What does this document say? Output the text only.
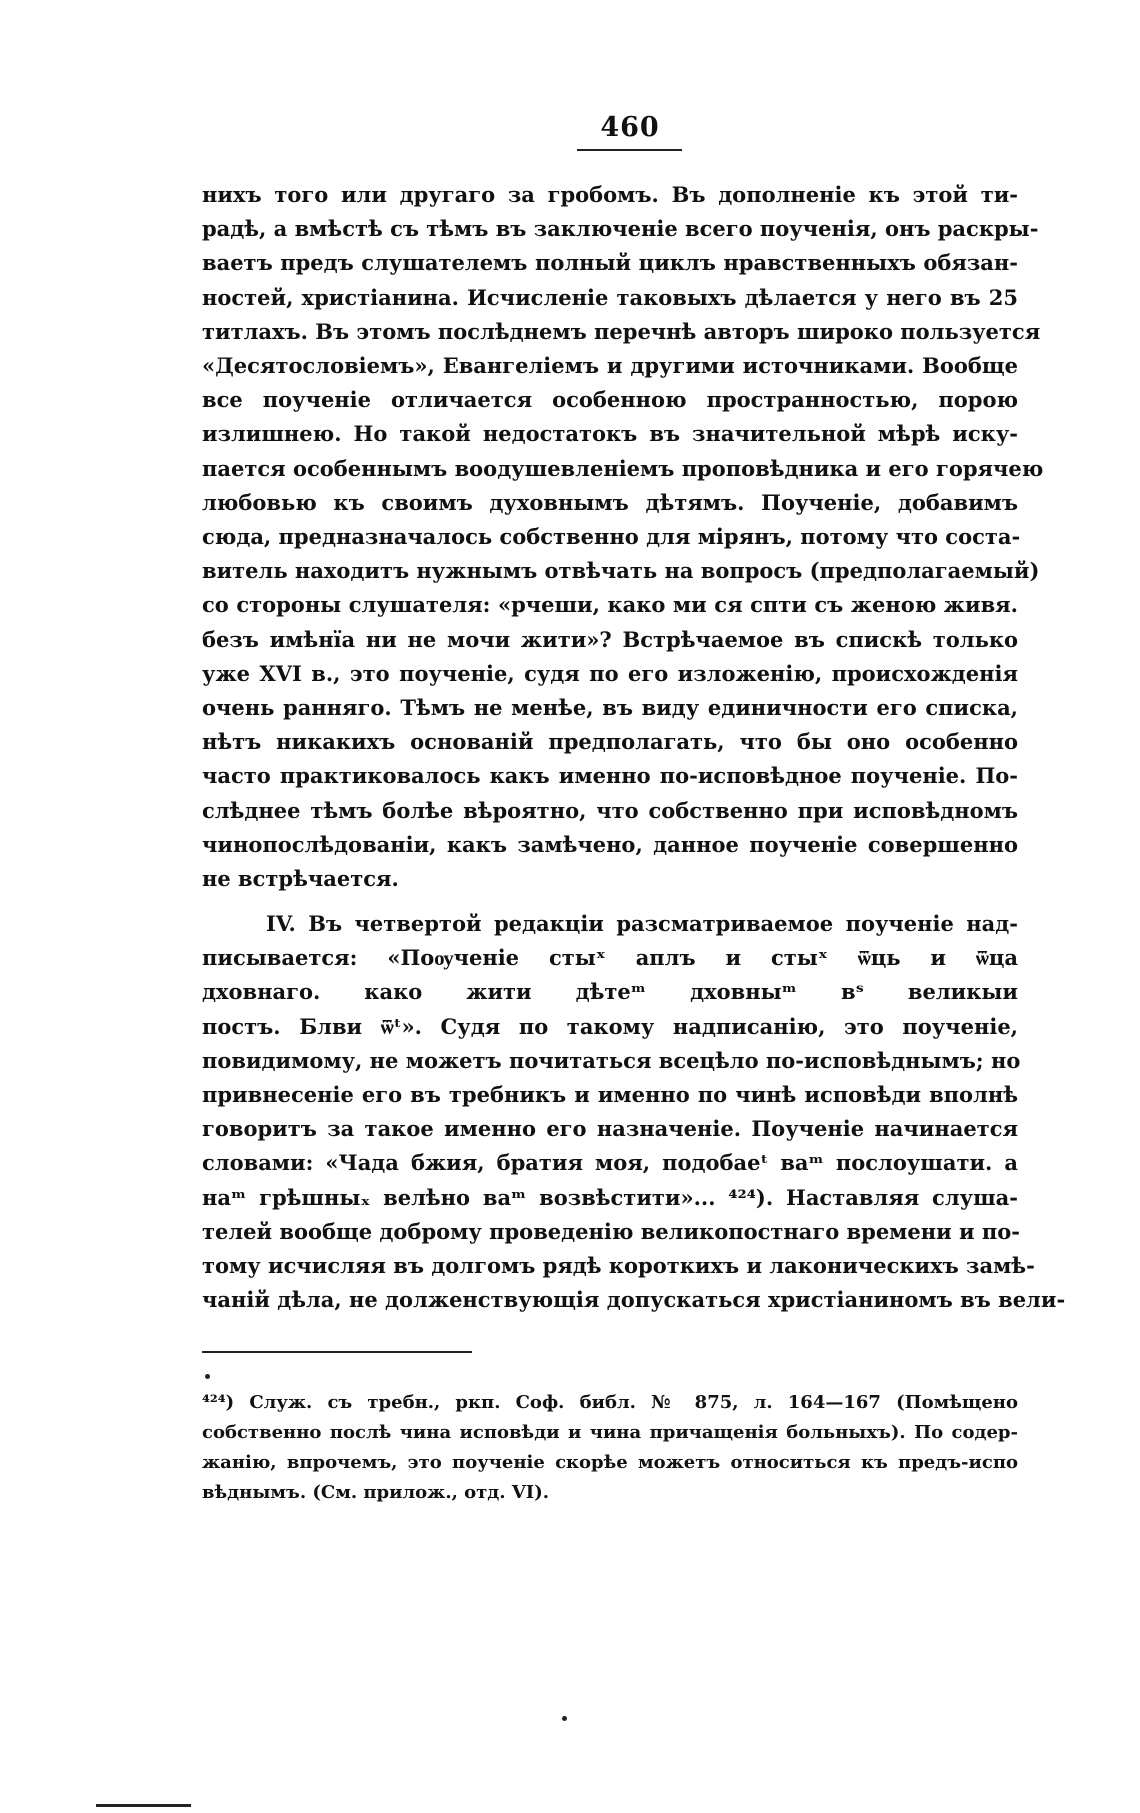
460
нихъ того или другаго за гробомъ. Въ дополненіе къ этой ти-
радѣ, а вмѣстѣ съ тѣмъ въ заключеніе всего поученія, онъ раскры-
ваетъ предъ слушателемъ полный циклъ нравственныхъ обязан-
ностей, христіанина. Исчисленіе таковыхъ дѣлается у него въ 25
титлахъ. Въ этомъ послѣднемъ перечнѣ авторъ широко пользуется
«Десятословіемъ», Евангеліемъ и другими источниками. Вообще
все поученіе отличается особенною пространностью, порою
излишнею. Но такой недостатокъ въ значительной мѣрѣ иску-
пается особеннымъ воодушевленіемъ проповѣдника и его горячею
любовью къ своимъ духовнымъ дѣтямъ. Поученіе, добавимъ
сюда, предназначалось собственно для мірянъ, потому что соста-
витель находитъ нужнымъ отвѣчать на вопросъ (предполагаемый)
со стороны слушателя: «рчеши, како ми ся спти съ женою живя.
безъ имѣнїа ни не мочи жити»? Встрѣчаемое въ спискѣ только
уже XVI в., это поученіе, судя по его изложенію, происхожденія
очень ранняго. Тѣмъ не менѣе, въ виду единичности его списка,
нѣтъ никакихъ основаній предполагать, что бы оно особенно
часто практиковалось какъ именно по-исповѣдное поученіе. По-
слѣднее тѣмъ болѣе вѣроятно, что собственно при исповѣдномъ
чинопослѣдованіи, какъ замѣчено, данное поученіе совершенно
не встрѣчается.
IV. Въ четвертой редакціи разсматриваемое поученіе над-
писывается: «Поѹченіе стыˣ аплъ и стыˣ ѿць и ѿца
дховнаго. како жити дѣтеᵐ дховныᵐ вˢ великыи
постъ. Блви ѿᵗ». Судя по такому надписанію, это поученіе,
повидимому, не можетъ почитаться всецѣло по-исповѣднымъ; но
привнесеніе его въ требникъ и именно по чинѣ исповѣди вполнѣ
говоритъ за такое именно его назначеніе. Поученіе начинается
словами: «Чада бжия, братия моя, подобаеᵗ ваᵐ послоушати. а
наᵐ грѣшныₓ велѣно ваᵐ возвѣстити»... ⁴²⁴). Наставляя слуша-
телей вообще доброму проведенію великопостнаго времени и по-
тому исчисляя въ долгомъ рядѣ короткихъ и лаконическихъ замѣ-
чаній дѣла, не долженствующія допускаться христіаниномъ въ вели-
⁴²⁴) Служ. съ требн., ркп. Соф. библ. № 875, л. 164—167 (Помѣщено
собственно послѣ чина исповѣди и чина причащенія больныхъ). По содер-
жанію, впрочемъ, это поученіе скорѣе можетъ относиться къ предъ-испо
вѣднымъ. (См. прилож., отд. VI).
